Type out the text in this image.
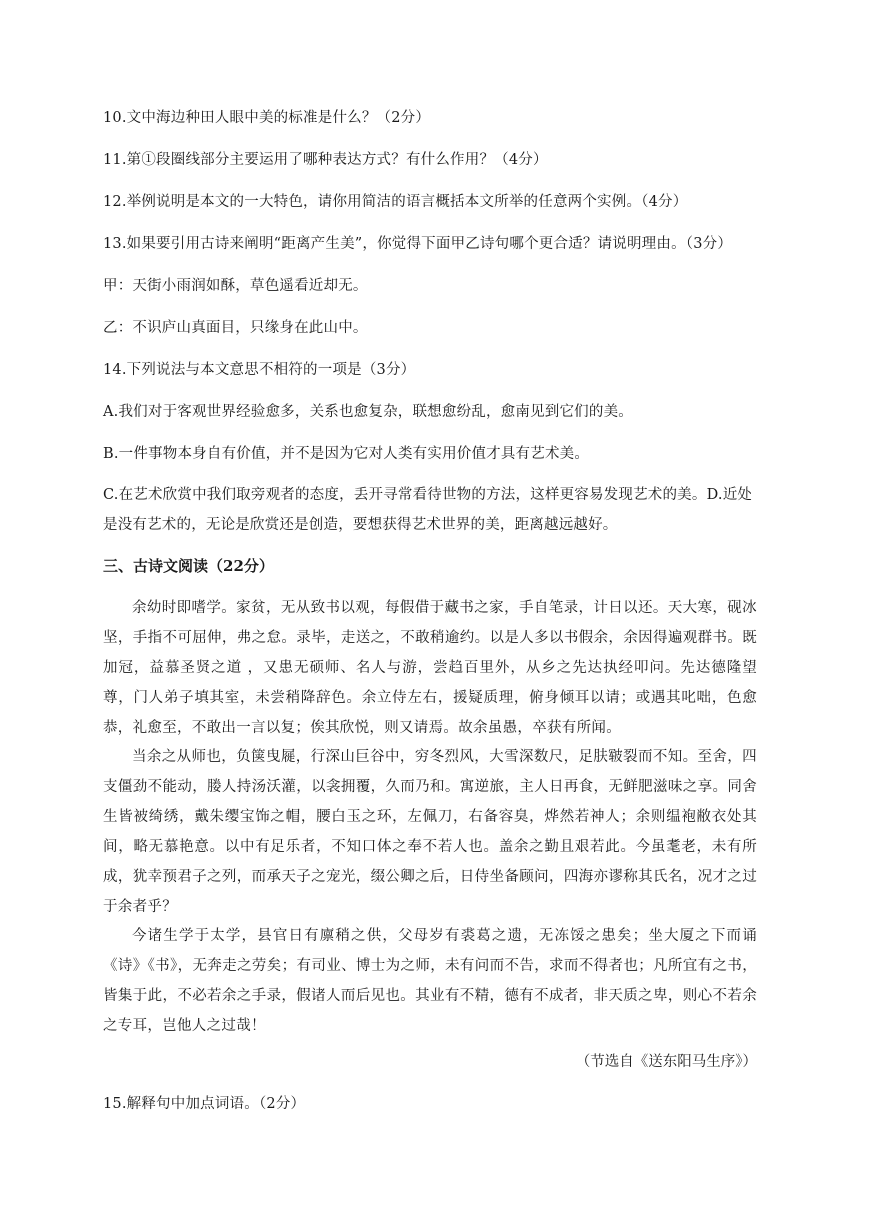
10.文中海边种田人眼中美的标准是什么？（2分）
11.第①段圈线部分主要运用了哪种表达方式？有什么作用？（4分）
12.举例说明是本文的一大特色，请你用简洁的语言概括本文所举的任意两个实例。（4分）
13.如果要引用古诗来阐明“距离产生美”，你觉得下面甲乙诗句哪个更合适？请说明理由。（3分）
甲：天街小雨润如酥，草色遥看近却无。
乙：不识庐山真面目，只缘身在此山中。
14.下列说法与本文意思不相符的一项是（3分）
A.我们对于客观世界经验愈多，关系也愈复杂，联想愈纷乱，愈南见到它们的美。
B.一件事物本身自有价值，并不是因为它对人类有实用价值才具有艺术美。
C.在艺术欣赏中我们取旁观者的态度，丢开寻常看待世物的方法，这样更容易发现艺术的美。D.近处是没有艺术的，无论是欣赏还是创造，要想获得艺术世界的美，距离越远越好。
三、古诗文阅读（22分）

余幼时即嗜学。家贫，无从致书以观，每假借于藏书之家，手自笔录，计日以还。天大寒，砚冰坚，手指不可屈伸，弗之怠。录毕，走送之，不敢稍逾约。以是人多以书假余，余因得遍观群书。既加冠，益慕圣贤之道 ，又患无硕师、名人与游，尝趋百里外，从乡之先达执经叩问。先达德隆望尊，门人弟子填其室，未尝稍降辞色。余立侍左右，援疑质理，俯身倾耳以请；或遇其叱咄，色愈恭，礼愈至，不敢出一言以复；俟其欣悦，则又请焉。故余虽愚，卒获有所闻。

当余之从师也，负箧曳屣，行深山巨谷中，穷冬烈风，大雪深数尺，足肤皲裂而不知。至舍，四支僵劲不能动，媵人持汤沃灌，以衾拥覆，久而乃和。寓逆旅，主人日再食，无鲜肥滋味之享。同舍生皆被绮绣，戴朱缨宝饰之帽，腰白玉之环，左佩刀，右备容臭，烨然若神人；余则缊袍敝衣处其间，略无慕艳意。以中有足乐者，不知口体之奉不若人也。盖余之勤且艰若此。今虽耄老，未有所成，犹幸预君子之列，而承天子之宠光，缀公卿之后，日侍坐备顾问，四海亦谬称其氏名，况才之过于余者乎？

今诸生学于太学，县官日有廪稍之供，父母岁有裘葛之遗，无冻馁之患矣；坐大厦之下而诵《诗》《书》，无奔走之劳矣；有司业、博士为之师，未有问而不告，求而不得者也；凡所宜有之书，皆集于此，不必若余之手录，假诸人而后见也。其业有不精，德有不成者，非天质之卑，则心不若余之专耳，岂他人之过哉！

（节选自《送东阳马生序》）
15.解释句中加点词语。（2分）
